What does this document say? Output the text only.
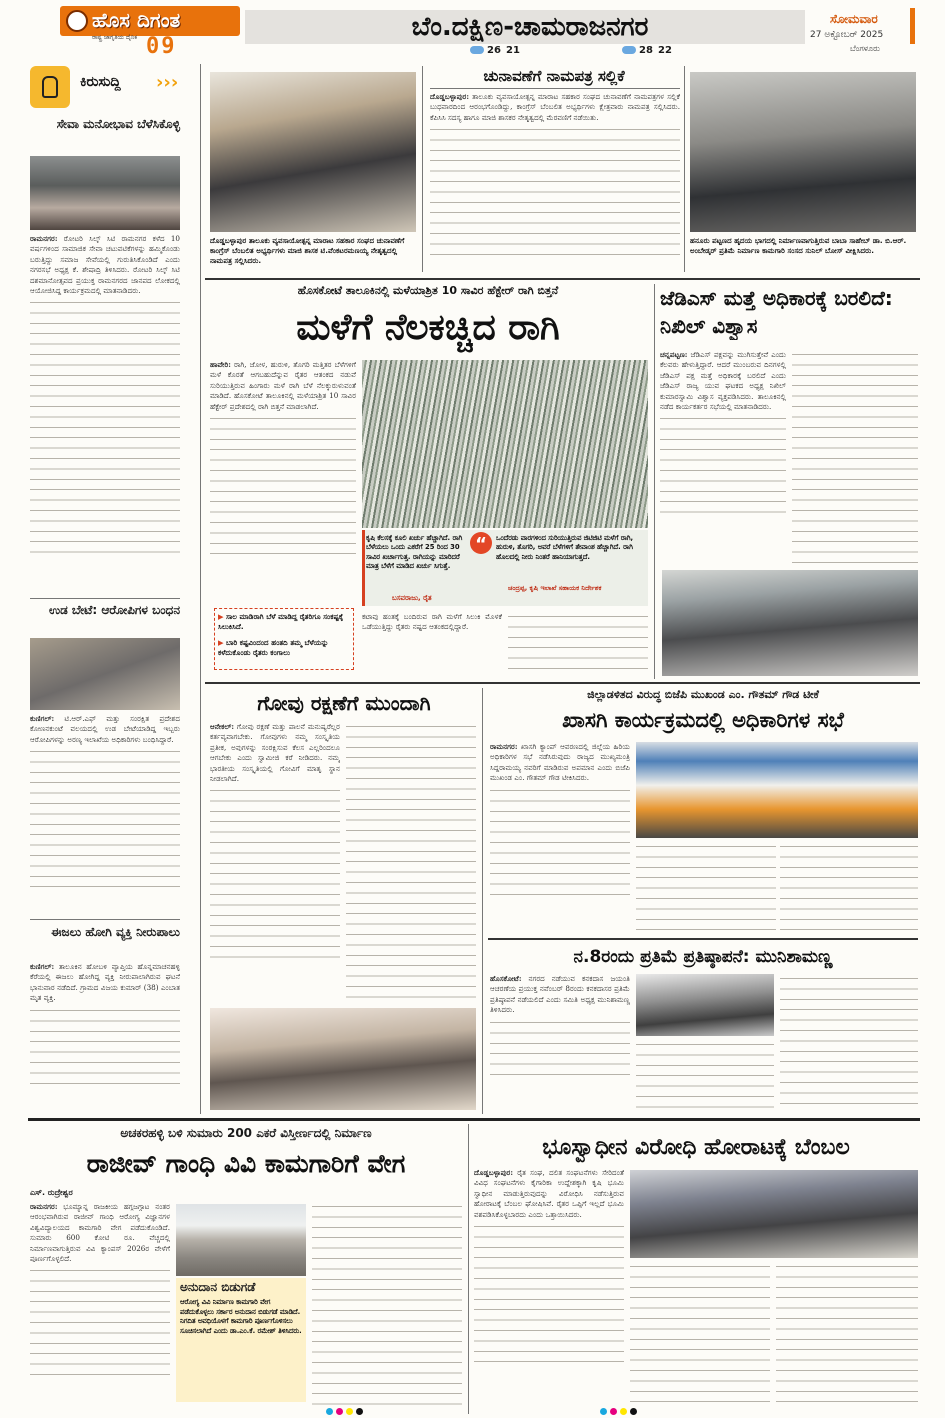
ಹೊಸ ದಿಗಂತ
ರಾಷ್ಟ್ರ ಜಾಗೃತಿಯ ದೈನಿಕ 09
ಬೆಂ.ದಕ್ಷಿಣ-ಚಾಮರಾಜನಗರ
26 21	28 22
ಸೋಮವಾರ
27 ಅಕ್ಟೋಬರ್ 2025
ಬೆಂಗಳೂರು
ಕಿರುಸುದ್ದಿ	›››
ಸೇವಾ ಮನೋಭಾವ ಬೆಳೆಸಿಕೊಳ್ಳಿ
ರಾಮನಗರ: ರೋಟರಿ ಸಿಲ್ಕ್ ಸಿಟಿ ರಾಮನಗರ ಕಳೆದ 10 ವರ್ಷಗಳಿಂದ ಸಾಮಾಜಿಕ ಸೇವಾ ಚಟುವಟಿಕೆಗಳನ್ನು ಹಮ್ಮಿಕೊಂಡು ಬರುತ್ತಿದ್ದು ಸಮಾಜ ಸೇವೆಯಲ್ಲಿ ಗುರುತಿಸಿಕೊಂಡಿದೆ ಎಂದು ನಗರಸಭೆ ಅಧ್ಯಕ್ಷ ಕೆ. ಶೇಷಾದ್ರಿ ತಿಳಿಸಿದರು. ರೋಟರಿ ಸಿಲ್ಕ್ ಸಿಟಿ ದಶಮಾನೋತ್ಸವದ ಪ್ರಯುಕ್ತ ರಾಮನಗರದ ಜಾನಪದ ಲೋಕದಲ್ಲಿ ಆಯೋಜಿಸಿದ್ದ ಕಾರ್ಯಕ್ರಮದಲ್ಲಿ ಮಾತನಾಡಿದರು.
ಉಡ ಬೇಟೆ: ಆರೋಪಿಗಳ ಬಂಧನ
ಕುಣಿಗಲ್: ಟಿ.ಆರ್.ಎಫ್ ಮತ್ತು ಸಂರಕ್ಷಿತ ಪ್ರದೇಶದ ಕೋಣನಕುಂಟೆ ವಲಯದಲ್ಲಿ ಉಡ ಬೇಟೆಯಾಡಿದ್ದ ಇಬ್ಬರು ಆರೋಪಿಗಳನ್ನು ಅರಣ್ಯ ಇಲಾಖೆಯ ಅಧಿಕಾರಿಗಳು ಬಂಧಿಸಿದ್ದಾರೆ.
ಈಜಲು ಹೋಗಿ ವ್ಯಕ್ತಿ ನೀರುಪಾಲು
ಕುಣಿಗಲ್: ತಾಲೂಕಿನ ಹೋಬಳಿ ವ್ಯಾಪ್ತಿಯ ಹೊನ್ನಮಾಚನಹಳ್ಳಿ ಕೆರೆಯಲ್ಲಿ ಈಜಲು ಹೋಗಿದ್ದ ವ್ಯಕ್ತಿ ನೀರುಪಾಲಾಗಿರುವ ಘಟನೆ ಭಾನುವಾರ ನಡೆದಿದೆ. ಗ್ರಾಮದ ವಿಜಯ ಕುಮಾರ್ (38) ಎಂಬಾತ ಮೃತ ವ್ಯಕ್ತಿ.
ದೊಡ್ಡಬಳ್ಳಾಪುರ ತಾಲೂಕು ವ್ಯವಸಾಯೋತ್ಪನ್ನ ಮಾರಾಟ ಸಹಕಾರ ಸಂಘದ ಚುನಾವಣೆಗೆ ಕಾಂಗ್ರೆಸ್ ಬೆಂಬಲಿತ ಅಭ್ಯರ್ಥಿಗಳು ಮಾಜಿ ಶಾಸಕ ಟಿ.ವೆಂಕಟರಮಣಯ್ಯ ನೇತೃತ್ವದಲ್ಲಿ ನಾಮಪತ್ರ ಸಲ್ಲಿಸಿದರು.
ಚುನಾವಣೆಗೆ ನಾಮಪತ್ರ ಸಲ್ಲಿಕೆ
ದೊಡ್ಡಬಳ್ಳಾಪುರ: ತಾಲೂಕು ವ್ಯವಸಾಯೋತ್ಪನ್ನ ಮಾರಾಟ ಸಹಕಾರ ಸಂಘದ ಚುನಾವಣೆಗೆ ನಾಮಪತ್ರಗಳ ಸಲ್ಲಿಕೆ ಬುಧವಾರದಿಂದ ಆರಂಭಗೊಂಡಿದ್ದು, ಕಾಂಗ್ರೆಸ್ ಬೆಂಬಲಿತ ಅಭ್ಯರ್ಥಿಗಳು ಕ್ಷೇತ್ರವಾರು ನಾಮಪತ್ರ ಸಲ್ಲಿಸಿದರು. ಕೆಪಿಸಿಸಿ ಸದಸ್ಯ ಹಾಗೂ ಮಾಜಿ ಶಾಸಕರ ನೇತೃತ್ವದಲ್ಲಿ ಮೆರವಣಿಗೆ ನಡೆಯಿತು.
ಹನೂರು ಪಟ್ಟಣದ ಹೃದಯ ಭಾಗದಲ್ಲಿ ನಿರ್ಮಾಣವಾಗುತ್ತಿರುವ ಬಾಬಾ ಸಾಹೇಬ್ ಡಾ. ಬಿ.ಆರ್. ಅಂಬೇಡ್ಕರ್ ಪ್ರತಿಮೆ ನಿರ್ಮಾಣ ಕಾಮಗಾರಿ ಸಂಸದ ಸುನಿಲ್ ಬೋಸ್ ವೀಕ್ಷಿಸಿದರು.
ಹೊಸಕೋಟೆ ತಾಲೂಕಿನಲ್ಲಿ ಮಳೆಯಾಶ್ರಿತ 10 ಸಾವಿರ ಹೆಕ್ಟೇರ್ ರಾಗಿ ಬಿತ್ತನೆ
ಮಳೆಗೆ ನೆಲಕಚ್ಚಿದ ರಾಗಿ
ಹಾವೇರಿ: ರಾಗಿ, ಜೋಳ, ಹುರುಳಿ, ತೊಗರಿ ಮತ್ತಿತರ ಬೆಳೆಗಳಿಗೆ ಮಳೆ ಕೊರತೆ ಆಗಬಹುದೆನ್ನುವ ರೈತರ ಆತಂಕದ ನಡುವೆ ಸುರಿಯುತ್ತಿರುವ ಹಿಂಗಾರು ಮಳೆ ರಾಗಿ ಬೆಳೆ ನೆಲಕ್ಕುರುಳುವಂತೆ ಮಾಡಿದೆ. ಹೊಸಕೋಟೆ ತಾಲೂಕಿನಲ್ಲಿ ಮಳೆಯಾಶ್ರಿತ 10 ಸಾವಿರ ಹೆಕ್ಟೇರ್ ಪ್ರದೇಶದಲ್ಲಿ ರಾಗಿ ಬಿತ್ತನೆ ಮಾಡಲಾಗಿದೆ.
“
ಕೃಷಿ ಕೆಲಸಕ್ಕೆ ಕೂಲಿ ಖರ್ಚು ಹೆಚ್ಚಾಗಿದೆ. ರಾಗಿ ಬೆಳೆಯಲು ಒಂದು ಎಕರೆಗೆ 25 ರಿಂದ 30 ಸಾವಿರ ಖರ್ಚಾಗುತ್ತ. ರಾಗಿಯನ್ನು ಮಾರಿದರೆ ಮಾತ್ರ ಬೆಳೆಗೆ ಮಾಡಿದ ಖರ್ಚು ಸಿಗುತ್ತೆ.
ಬಸವರಾಜು, ರೈತ
ಒಂದೆರಡು ವಾರಗಳಿಂದ ಸುರಿಯುತ್ತಿರುವ ಜಿಟಿಜಿಟಿ ಮಳೆಗೆ ರಾಗಿ, ಹುರುಳಿ, ತೊಗರಿ, ಅವರೆ ಬೆಳೆಗಳಿಗೆ ತೇವಾಂಶ ಹೆಚ್ಚಾಗಿದೆ. ರಾಗಿ ಹೊಲದಲ್ಲಿ ನೀರು ನಿಂತರೆ ಹಾನಿಯಾಗುತ್ತದೆ.
ಚಂದ್ರಪ್ಪ, ಕೃಷಿ ಇಲಾಖೆ ಸಹಾಯಕ ನಿರ್ದೇಶಕ
▶ ಸಾಲ ಮಾಡಿರಾಗಿ ಬೆಳೆ ಮಾಡಿದ್ದ ರೈತರಿಗೂ ಸಂಕಷ್ಟಕ್ಕೆ ಸಿಲುಕಿಸಿದೆ.
▶ ಬಾರಿ ಕಷ್ಟವಿಂದಂದ ಹಂತದಿ ತಮ್ಮ ಬೆಳೆಯನ್ನು ಕಳೆದುಕೊಂಡು ರೈತರು ಕಂಗಾಲು
ಕಟಾವು ಹಂತಕ್ಕೆ ಬಂದಿರುವ ರಾಗಿ ಮಳೆಗೆ ಸಿಲುಕಿ ಮೊಳಕೆ ಒಡೆಯುತ್ತಿದ್ದು ರೈತರು ನಷ್ಟದ ಆತಂಕದಲ್ಲಿದ್ದಾರೆ.
ಜೆಡಿಎಸ್ ಮತ್ತೆ ಅಧಿಕಾರಕ್ಕೆ ಬರಲಿದೆ: ನಿಖಿಲ್ ವಿಶ್ವಾಸ
ಚನ್ನಪಟ್ಟಣ: ಜೆಡಿಎಸ್ ಪಕ್ಷವನ್ನು ಮುಗಿಸುತ್ತೇವೆ ಎಂದು ಕೆಲವರು ಹೇಳುತ್ತಿದ್ದಾರೆ. ಆದರೆ ಮುಂಬರುವ ದಿನಗಳಲ್ಲಿ ಜೆಡಿಎಸ್ ಪಕ್ಷ ಮತ್ತೆ ಅಧಿಕಾರಕ್ಕೆ ಬರಲಿದೆ ಎಂದು ಜೆಡಿಎಸ್ ರಾಜ್ಯ ಯುವ ಘಟಕದ ಅಧ್ಯಕ್ಷ ನಿಖಿಲ್ ಕುಮಾರಸ್ವಾಮಿ ವಿಶ್ವಾಸ ವ್ಯಕ್ತಪಡಿಸಿದರು. ತಾಲೂಕಿನಲ್ಲಿ ನಡೆದ ಕಾರ್ಯಕರ್ತರ ಸಭೆಯಲ್ಲಿ ಮಾತನಾಡಿದರು.
ಗೋವು ರಕ್ಷಣೆಗೆ ಮುಂದಾಗಿ
ಆನೇಕಲ್: ಗೋವು ರಕ್ಷಣೆ ಮತ್ತು ಪಾಲನೆ ಮನುಷ್ಯರೆಲ್ಲರ ಕರ್ತವ್ಯವಾಗಬೇಕು. ಗೋವುಗಳು ನಮ್ಮ ಸಂಸ್ಕೃತಿಯ ಪ್ರತೀಕ, ಅವುಗಳನ್ನು ಸಂರಕ್ಷಿಸುವ ಕೆಲಸ ಎಲ್ಲರಿಂದಲೂ ಆಗಬೇಕು ಎಂದು ಸ್ವಾಮೀಜಿ ಕರೆ ನೀಡಿದರು. ನಮ್ಮ ಭಾರತೀಯ ಸಂಸ್ಕೃತಿಯಲ್ಲಿ ಗೋವಿಗೆ ಮಾತೃ ಸ್ಥಾನ ನೀಡಲಾಗಿದೆ.
ಜಿಲ್ಲಾಡಳಿತದ ವಿರುದ್ಧ ಬಿಜೆಪಿ ಮುಖಂಡ ಎಂ. ಗೌತಮ್ ಗೌಡ ಟೀಕೆ
ಖಾಸಗಿ ಕಾರ್ಯಕ್ರಮದಲ್ಲಿ ಅಧಿಕಾರಿಗಳ ಸಭೆ
ರಾಮನಗರ: ಖಾಸಗಿ ಕ್ಯಾಂಪ್ ಆವರಣದಲ್ಲಿ ಜಿಲ್ಲೆಯ ಹಿರಿಯ ಅಧಿಕಾರಿಗಳ ಸಭೆ ನಡೆಸಿರುವುದು ರಾಜ್ಯದ ಮುಖ್ಯಮಂತ್ರಿ ಸಿದ್ದರಾಮಯ್ಯ ನವರಿಗೆ ಮಾಡಿರುವ ಅಪಮಾನ ಎಂದು ಬಿಜೆಪಿ ಮುಖಂಡ ಎಂ. ಗೌತಮ್ ಗೌಡ ಟೀಕಿಸಿದರು.
ನ.8ರಂದು ಪ್ರತಿಮೆ ಪ್ರತಿಷ್ಠಾಪನೆ: ಮುನಿಶಾಮಣ್ಣ
ಹೊಸಕೋಟೆ: ನಗರದ ನಡೆಯುವ ಕನಕದಾಸ ಜಯಂತಿ ಆಚರಣೆಯ ಪ್ರಯುಕ್ತ ನವೆಂಬರ್ 8ರಂದು ಕನಕದಾಸರ ಪ್ರತಿಮೆ ಪ್ರತಿಷ್ಠಾಪನೆ ನಡೆಯಲಿದೆ ಎಂದು ಸಮಿತಿ ಅಧ್ಯಕ್ಷ ಮುನಿಶಾಮಣ್ಣ ತಿಳಿಸಿದರು.
ಅಚಕರಹಳ್ಳಿ ಬಳಿ ಸುಮಾರು 200 ಎಕರೆ ವಿಸ್ತೀರ್ಣದಲ್ಲಿ ನಿರ್ಮಾಣ
ರಾಜೀವ್ ಗಾಂಧಿ ವಿವಿ ಕಾಮಗಾರಿಗೆ ವೇಗ
ಎಸ್. ರುದ್ರೇಶ್ವರ
ರಾಮನಗರ: ಭೂಮ್ಯಾನ್ನ ರಾಜಕೀಯ ಹಗ್ಗಜಗ್ಗಾಟ ನಂತರ ಆರಂಭವಾಗಿರುವ ರಾಜೀವ್ ಗಾಂಧಿ ಆರೋಗ್ಯ ವಿಜ್ಞಾನಗಳ ವಿಶ್ವವಿದ್ಯಾಲಯದ ಕಾಮಗಾರಿ ವೇಗ ಪಡೆದುಕೊಂಡಿದೆ. ಸುಮಾರು 600 ಕೋಟಿ ರೂ. ವೆಚ್ಚದಲ್ಲಿ ನಿರ್ಮಾಣವಾಗುತ್ತಿರುವ ವಿವಿ ಕ್ಯಾಂಪಸ್ 2026ರ ವೇಳೆಗೆ ಪೂರ್ಣಗೊಳ್ಳಲಿದೆ.
ಅನುದಾನ ಬಿಡುಗಡೆ
ಆರೋಗ್ಯ ವಿವಿ ನಿರ್ಮಾಣ ಕಾಮಗಾರಿ ವೇಗ ಪಡೆದುಕೊಳ್ಳಲು ಸರ್ಕಾರ ಅನುದಾನ ಬಿಡುಗಡೆ ಮಾಡಿದೆ. ನಿಗದಿತ ಅವಧಿಯೊಳಗೆ ಕಾಮಗಾರಿ ಪೂರ್ಣಗೊಳಿಸಲು ಸೂಚಿಸಲಾಗಿದೆ ಎಂದು ಡಾ.ಎಂ.ಕೆ. ರಮೇಶ್ ತಿಳಿಸಿದರು.
ಭೂಸ್ವಾಧೀನ ವಿರೋಧಿ ಹೋರಾಟಕ್ಕೆ ಬೆಂಬಲ
ದೊಡ್ಡಬಳ್ಳಾಪುರ: ರೈತ ಸಂಘ, ದಲಿತ ಸಂಘಟನೆಗಳು ಸೇರಿದಂತೆ ವಿವಿಧ ಸಂಘಟನೆಗಳು ಕೈಗಾರಿಕಾ ಉದ್ದೇಶಕ್ಕಾಗಿ ಕೃಷಿ ಭೂಮಿ ಸ್ವಾಧೀನ ಮಾಡುತ್ತಿರುವುದನ್ನು ವಿರೋಧಿಸಿ ನಡೆಸುತ್ತಿರುವ ಹೋರಾಟಕ್ಕೆ ಬೆಂಬಲ ಘೋಷಿಸಿವೆ. ರೈತರ ಒಪ್ಪಿಗೆ ಇಲ್ಲದೆ ಭೂಮಿ ವಶಪಡಿಸಿಕೊಳ್ಳಬಾರದು ಎಂದು ಒತ್ತಾಯಿಸಿದರು.
